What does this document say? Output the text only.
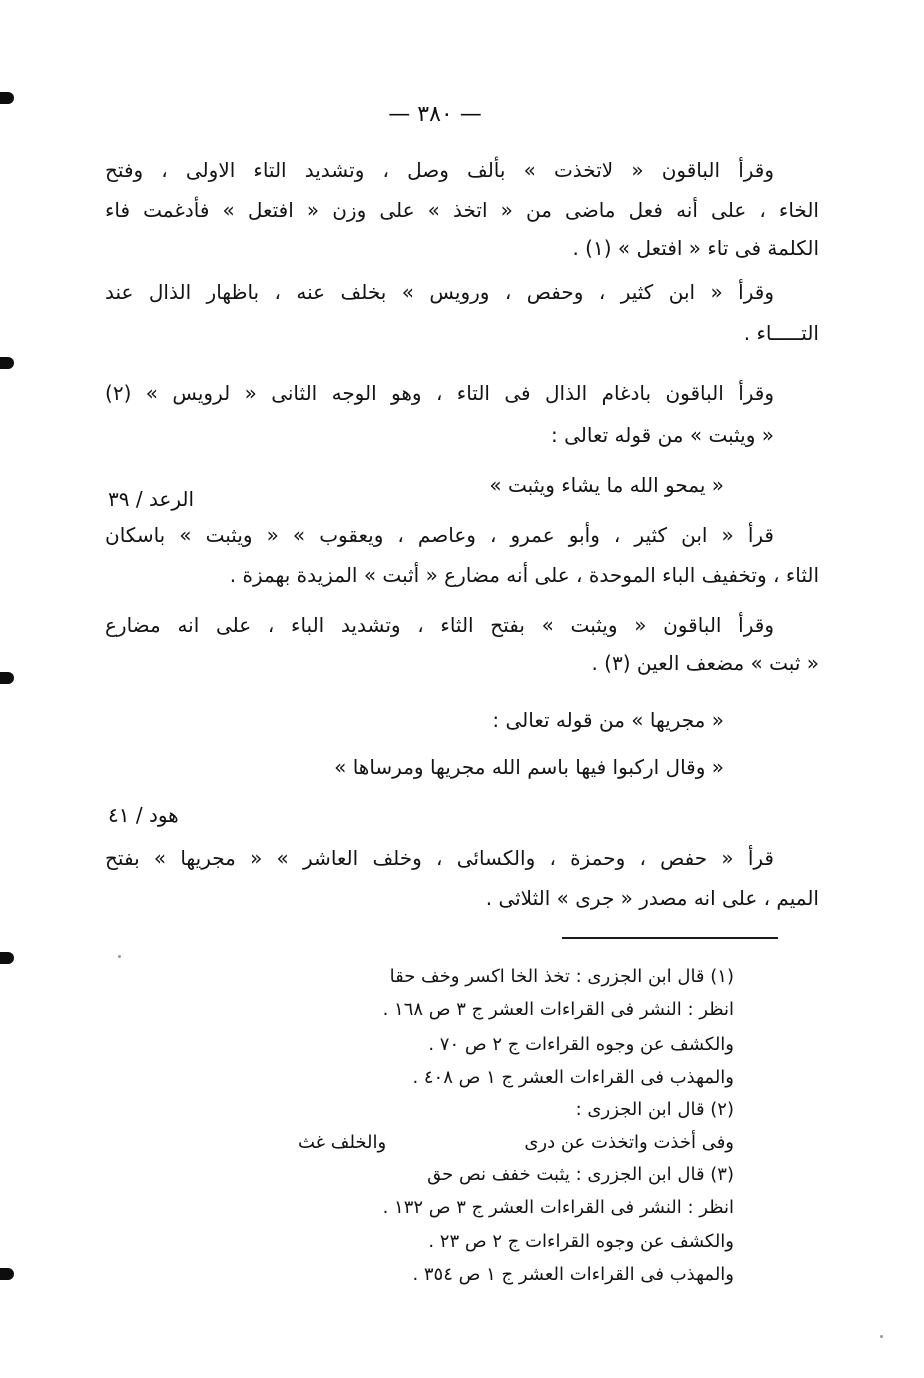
— ٣٨٠ —
وقرأ الباقون « لاتخذت » بألف وصل ، وتشديد التاء الاولى ، وفتح
الخاء ، على أنه فعل ماضى من « اتخذ » على وزن « افتعل » فأدغمت فاء
الكلمة فى تاء « افتعل » (١) .
وقرأ « ابن كثير ، وحفص ، ورويس » بخلف عنه ، باظهار الذال عند
التـــــاء .
وقرأ الباقون بادغام الذال فى التاء ، وهو الوجه الثانى « لرويس » (٢)
« ويثبت » من قوله تعالى :
« يمحو الله ما يشاء ويثبت »
الرعد / ٣٩
قرأ « ابن كثير ، وأبو عمرو ، وعاصم ، ويعقوب » « ويثبت » باسكان
الثاء ، وتخفيف الباء الموحدة ، على أنه مضارع « أثبت » المزيدة بهمزة .
وقرأ الباقون « ويثبت » بفتح الثاء ، وتشديد الباء ، على انه مضارع
« ثبت » مضعف العين (٣) .
« مجريها » من قوله تعالى :
« وقال اركبوا فيها باسم الله مجريها ومرساها »
هود / ٤١
قرأ « حفص ، وحمزة ، والكسائى ، وخلف العاشر » « مجريها » بفتح
الميم ، على انه مصدر « جرى » الثلاثى .
(١) قال ابن الجزرى : تخذ الخا اكسر وخف حقا
انظر : النشر فى القراءات العشر ج ٣ ص ١٦٨ .
والكشف عن وجوه القراءات ج ٢ ص ٧٠ .
والمهذب فى القراءات العشر ج ١ ص ٤٠٨ .
(٢) قال ابن الجزرى :
وفى أخذت واتخذت عن درى
والخلف غث
(٣) قال ابن الجزرى : يثبت خفف نص حق
انظر : النشر فى القراءات العشر ج ٣ ص ١٣٢ .
والكشف عن وجوه القراءات ج ٢ ص ٢٣ .
والمهذب فى القراءات العشر ج ١ ص ٣٥٤ .
